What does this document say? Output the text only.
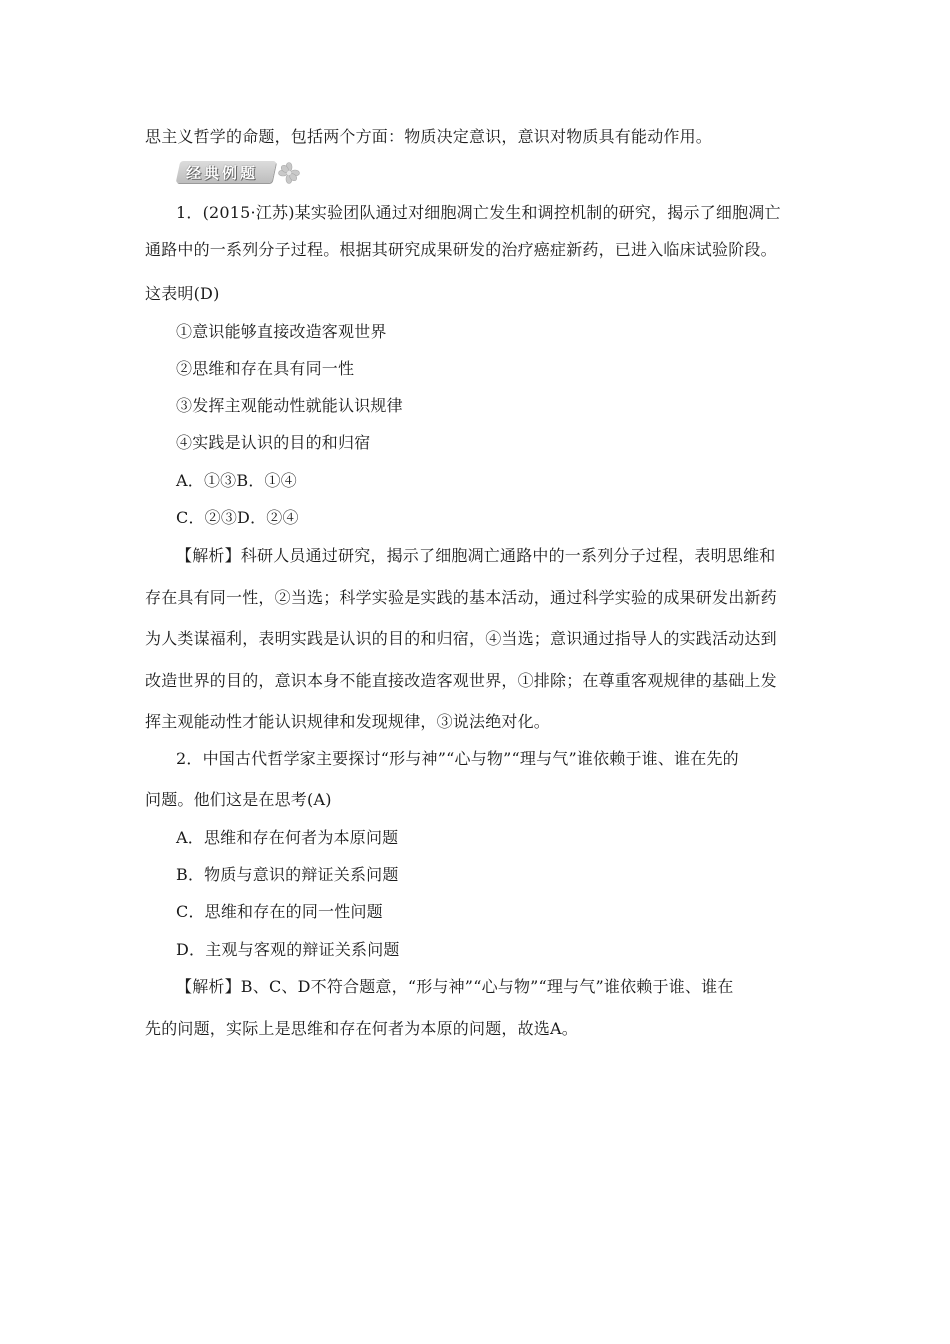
思主义哲学的命题，包括两个方面：物质决定意识，意识对物质具有能动作用。
经典例题
1．(2015·江苏)某实验团队通过对细胞凋亡发生和调控机制的研究，揭示了细胞凋亡
通路中的一系列分子过程。根据其研究成果研发的治疗癌症新药，已进入临床试验阶段。
这表明(D)
①意识能够直接改造客观世界
②思维和存在具有同一性
③发挥主观能动性就能认识规律
④实践是认识的目的和归宿
A．①③B．①④
C．②③D．②④
【解析】科研人员通过研究，揭示了细胞凋亡通路中的一系列分子过程，表明思维和
存在具有同一性，②当选；科学实验是实践的基本活动，通过科学实验的成果研发出新药
为人类谋福利，表明实践是认识的目的和归宿，④当选；意识通过指导人的实践活动达到
改造世界的目的，意识本身不能直接改造客观世界，①排除；在尊重客观规律的基础上发
挥主观能动性才能认识规律和发现规律，③说法绝对化。
2．中国古代哲学家主要探讨“形与神”“心与物”“理与气”谁依赖于谁、谁在先的
问题。他们这是在思考(A)
A．思维和存在何者为本原问题
B．物质与意识的辩证关系问题
C．思维和存在的同一性问题
D．主观与客观的辩证关系问题
【解析】B、C、D不符合题意，“形与神”“心与物”“理与气”谁依赖于谁、谁在
先的问题，实际上是思维和存在何者为本原的问题，故选A。
